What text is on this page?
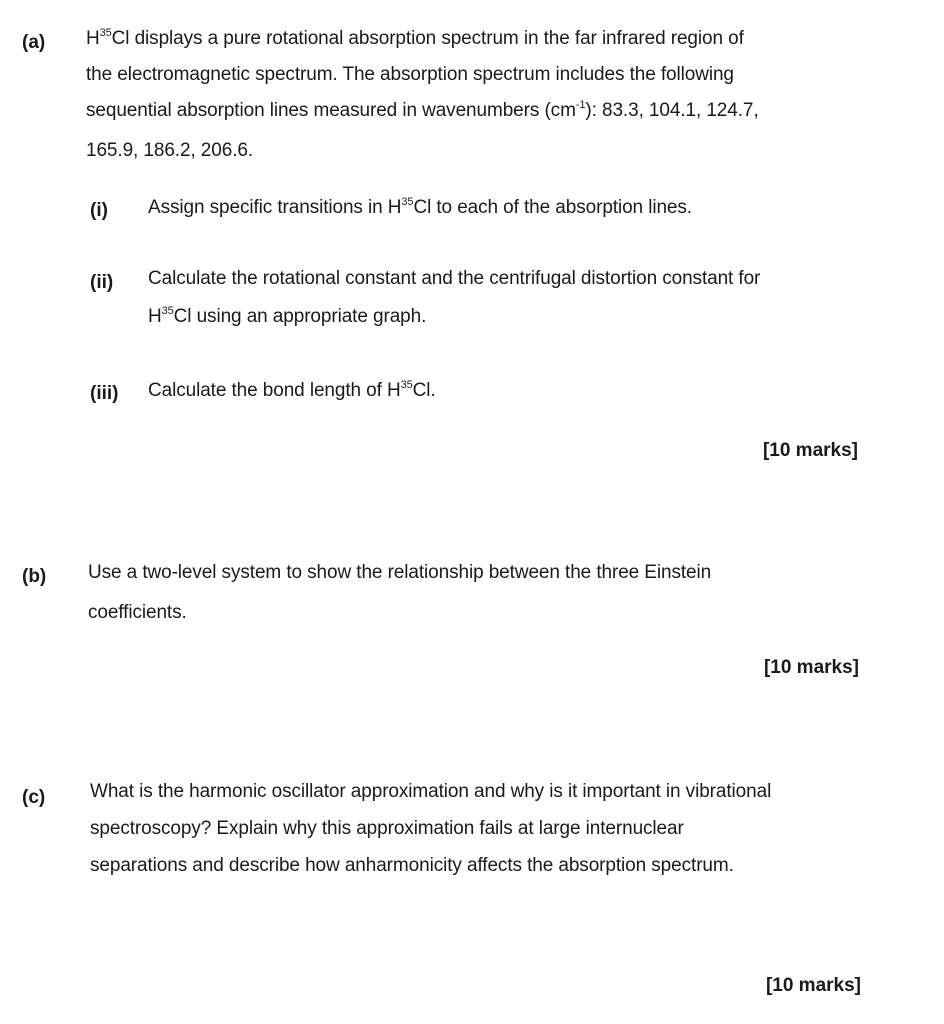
(a) $H^{35}Cl$ displays a pure rotational absorption spectrum in the far infrared region of
the electromagnetic spectrum. The absorption spectrum includes the following
sequential absorption lines measured in wavenumbers $(cm^{-1})$: 83.3, 104.1, 124.7,
165.9, 186.2, 206.6.
(i) Assign specific transitions in $H^{35}Cl$ to each of the absorption lines.
(ii) Calculate the rotational constant and the centrifugal distortion constant for
$H^{35}Cl$ using an appropriate graph.
(iii) Calculate the bond length of $H^{35}Cl$.
[10 marks]
(b) Use a two-level system to show the relationship between the three Einstein
coefficients.
[10 marks]
(c) What is the harmonic oscillator approximation and why is it important in vibrational
spectroscopy? Explain why this approximation fails at large internuclear
separations and describe how anharmonicity affects the absorption spectrum.
[10 marks]
